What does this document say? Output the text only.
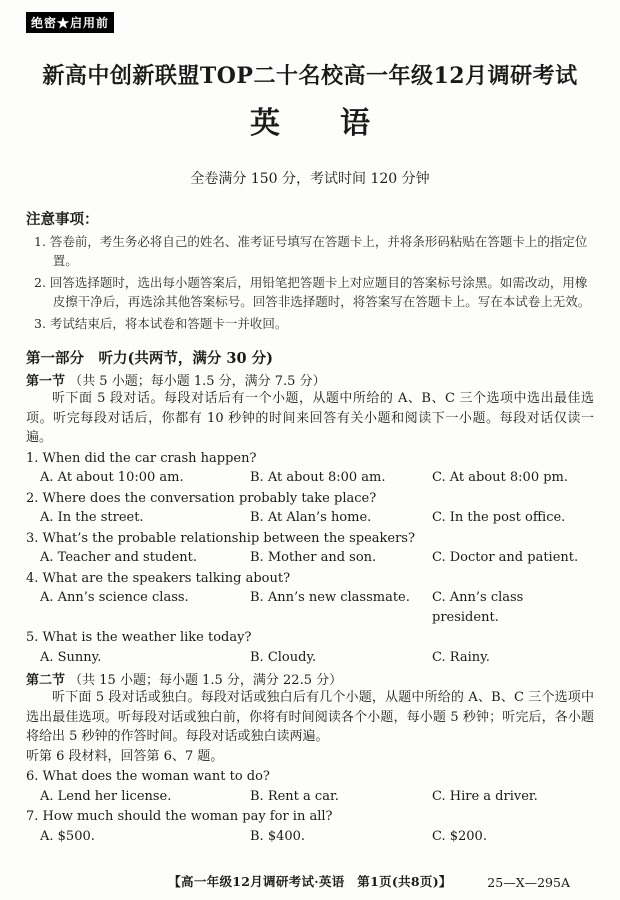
绝密★启用前
新高中创新联盟TOP二十名校高一年级12月调研考试
英　　语
全卷满分 150 分，考试时间 120 分钟
注意事项：
1. 答卷前，考生务必将自己的姓名、准考证号填写在答题卡上，并将条形码粘贴在答题卡上的指定位置。
2. 回答选择题时，选出每小题答案后，用铅笔把答题卡上对应题目的答案标号涂黑。如需改动，用橡皮擦干净后，再选涂其他答案标号。回答非选择题时，将答案写在答题卡上。写在本试卷上无效。
3. 考试结束后，将本试卷和答题卡一并收回。
第一部分　听力(共两节，满分 30 分)
第一节 （共 5 小题；每小题 1.5 分，满分 7.5 分）
听下面 5 段对话。每段对话后有一个小题，从题中所给的 A、B、C 三个选项中选出最佳选项。听完每段对话后，你都有 10 秒钟的时间来回答有关小题和阅读下一小题。每段对话仅读一遍。
1. When did the car crash happen?
A. At about 10:00 am.	B. At about 8:00 am.	C. At about 8:00 pm.
2. Where does the conversation probably take place?
A. In the street.	B. At Alan’s home.	C. In the post office.
3. What’s the probable relationship between the speakers?
A. Teacher and student.	B. Mother and son.	C. Doctor and patient.
4. What are the speakers talking about?
A. Ann’s science class.	B. Ann’s new classmate.	C. Ann’s class president.
5. What is the weather like today?
A. Sunny.	B. Cloudy.	C. Rainy.
第二节 （共 15 小题；每小题 1.5 分，满分 22.5 分）
听下面 5 段对话或独白。每段对话或独白后有几个小题，从题中所给的 A、B、C 三个选项中选出最佳选项。听每段对话或独白前，你将有时间阅读各个小题，每小题 5 秒钟；听完后，各小题将给出 5 秒钟的作答时间。每段对话或独白读两遍。
听第 6 段材料，回答第 6、7 题。
6. What does the woman want to do?
A. Lend her license.	B. Rent a car.	C. Hire a driver.
7. How much should the woman pay for in all?
A. $500.	B. $400.	C. $200.
【高一年级12月调研考试·英语　第1页(共8页)】	25—X—295A
